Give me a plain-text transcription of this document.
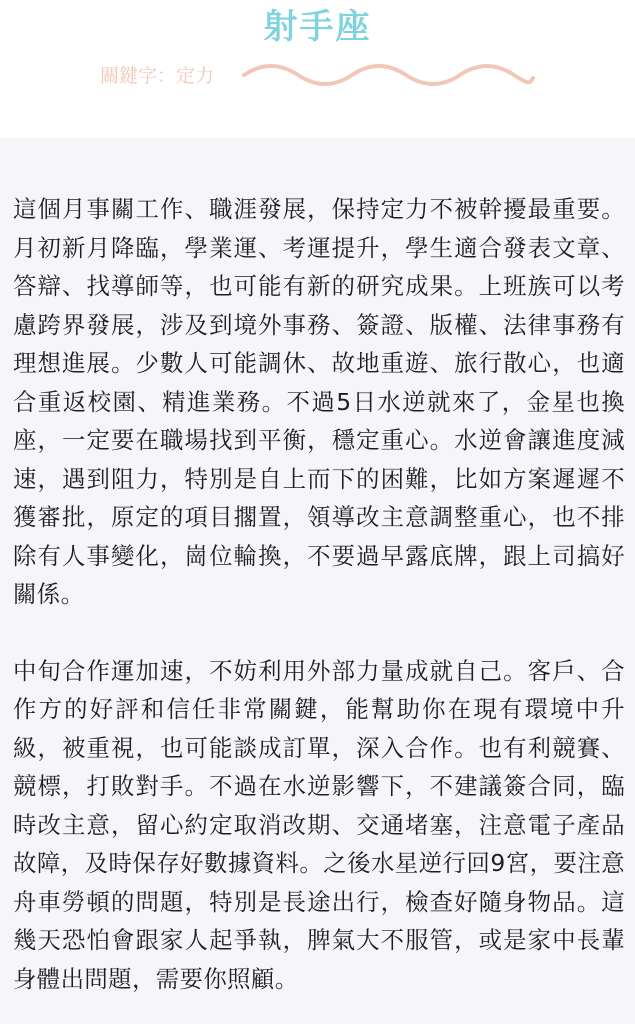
射手座
關鍵字：定力

這個月事關工作、職涯發展，保持定力不被幹擾最重要。月初新月降臨，學業運、考運提升，學生適合發表文章、答辯、找導師等，也可能有新的研究成果。上班族可以考慮跨界發展，涉及到境外事務、簽證、版權、法律事務有理想進展。少數人可能調休、故地重遊、旅行散心，也適合重返校園、精進業務。不過5日水逆就來了，金星也換座，一定要在職場找到平衡，穩定重心。水逆會讓進度減速，遇到阻力，特別是自上而下的困難，比如方案遲遲不獲審批，原定的項目擱置，領導改主意調整重心，也不排除有人事變化，崗位輪換，不要過早露底牌，跟上司搞好關係。

中旬合作運加速，不妨利用外部力量成就自己。客戶、合作方的好評和信任非常關鍵，能幫助你在現有環境中升級，被重視，也可能談成訂單，深入合作。也有利競賽、競標，打敗對手。不過在水逆影響下，不建議簽合同，臨時改主意，留心約定取消改期、交通堵塞，注意電子產品故障，及時保存好數據資料。之後水星逆行回9宮，要注意舟車勞頓的問題，特別是長途出行，檢查好隨身物品。這幾天恐怕會跟家人起爭執，脾氣大不服管，或是家中長輩身體出問題，需要你照顧。
